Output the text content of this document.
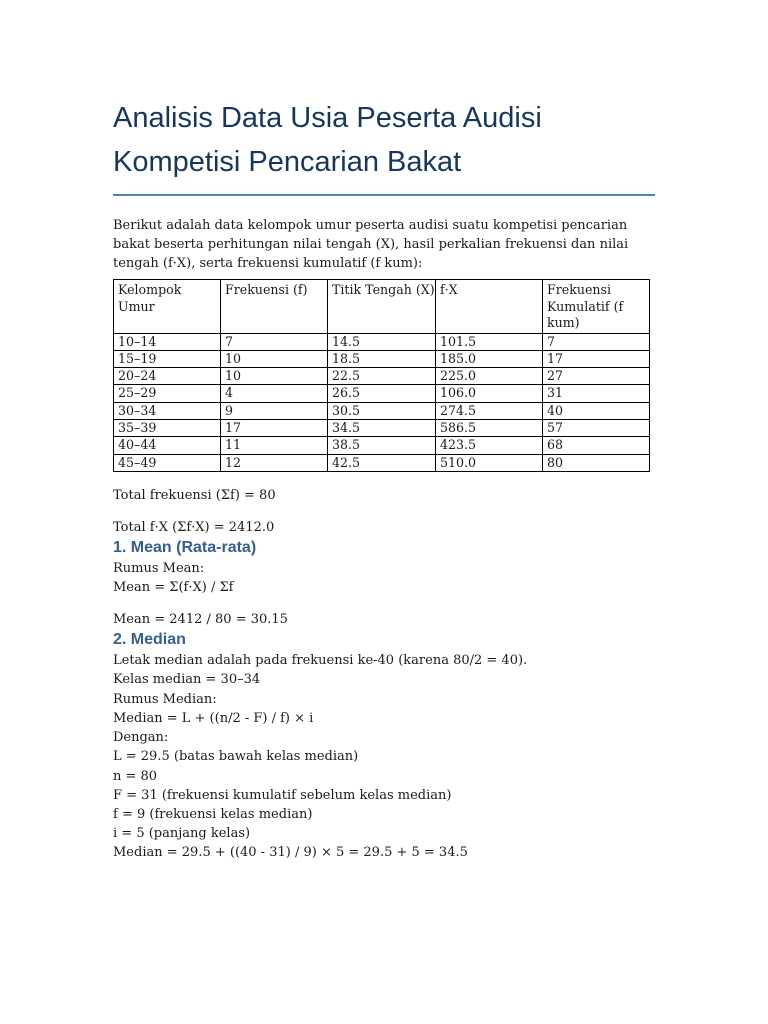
Analisis Data Usia Peserta Audisi Kompetisi Pencarian Bakat

Berikut adalah data kelompok umur peserta audisi suatu kompetisi pencarian bakat beserta perhitungan nilai tengah (X), hasil perkalian frekuensi dan nilai tengah (f·X), serta frekuensi kumulatif (f kum):

Kelompok Umur	Frekuensi (f)	Titik Tengah (X)	f·X	Frekuensi Kumulatif (f kum)
10–14	7	14.5	101.5	7
15–19	10	18.5	185.0	17
20–24	10	22.5	225.0	27
25–29	4	26.5	106.0	31
30–34	9	30.5	274.5	40
35–39	17	34.5	586.5	57
40–44	11	38.5	423.5	68
45–49	12	42.5	510.0	80

Total frekuensi (Σf) = 80

Total f·X (Σf·X) = 2412.0

1. Mean (Rata-rata)

Rumus Mean:

Mean = Σ(f·X) / Σf

Mean = 2412 / 80 = 30.15

2. Median

Letak median adalah pada frekuensi ke-40 (karena 80/2 = 40).

Kelas median = 30–34

Rumus Median:

Median = L + ((n/2 - F) / f) × i

Dengan:

L = 29.5 (batas bawah kelas median)

n = 80

F = 31 (frekuensi kumulatif sebelum kelas median)

f = 9 (frekuensi kelas median)

i = 5 (panjang kelas)

Median = 29.5 + ((40 - 31) / 9) × 5 = 29.5 + 5 = 34.5
